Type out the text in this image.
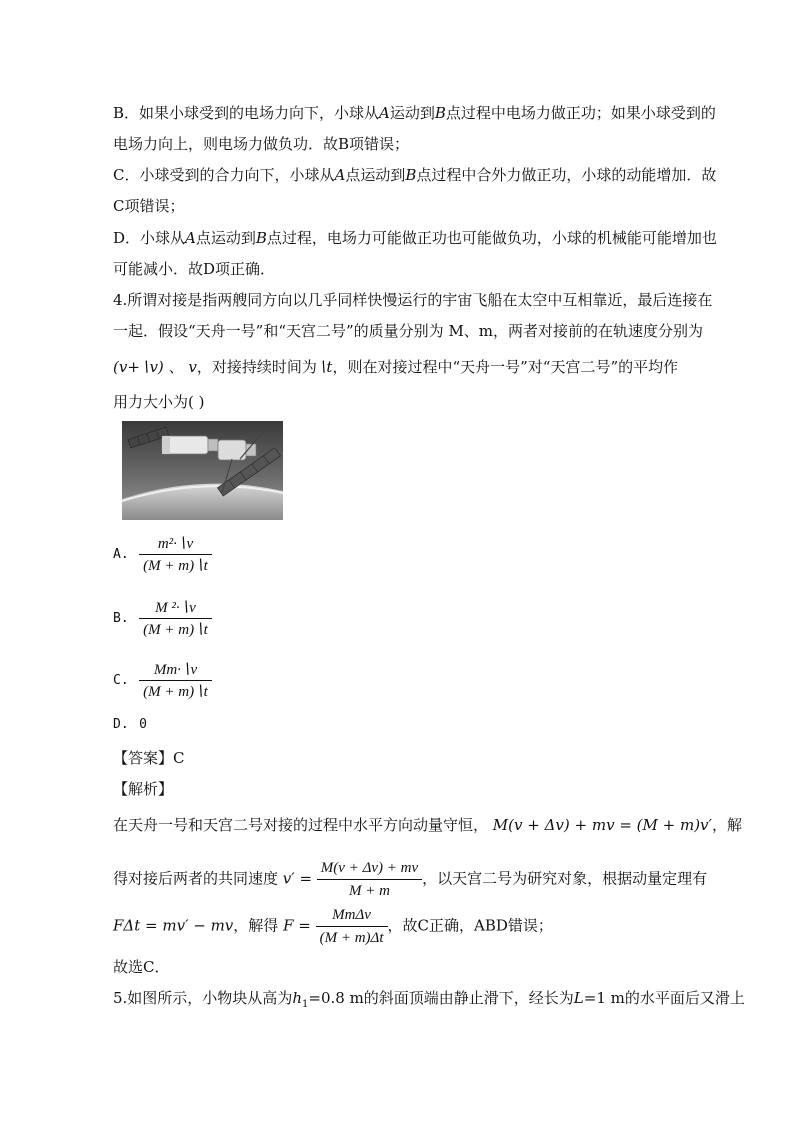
B．如果小球受到的电场力向下，小球从A运动到B点过程中电场力做正功；如果小球受到的
电场力向上，则电场力做负功．故B项错误；
C．小球受到的合力向下，小球从A点运动到B点过程中合外力做正功，小球的动能增加．故
C项错误；
D．小球从A点运动到B点过程，电场力可能做正功也可能做负功，小球的机械能可能增加也
可能减小．故D项正确．
4.所谓对接是指两艘同方向以几乎同样快慢运行的宇宙飞船在太空中互相靠近，最后连接在
一起．假设“天舟一号”和“天宫二号”的质量分别为 M、m，两者对接前的在轨速度分别为
(v+∖v) 、 v，对接持续时间为∖t，则在对接过程中“天舟一号”对“天宫二号”的平均作
用力大小为( )
A. $\frac{\text{m²·∖v}}{(M + m)∖t}$
B. $\frac{\text{M ²·∖v}}{(M + m)∖t}$
C. $\frac{Mm\cdot∖v}{(M + m)∖t}$
D. 0
【答案】C
【解析】
在天舟一号和天宫二号对接的过程中水平方向动量守恒， M(v + Δv) + mv = (M + m)v′，解
得对接后两者的共同速度 $v' = \frac{M(v + \Delta v) + mv}{M + m}$ ，以天宫二号为研究对象，根据动量定理有
FΔt = mv′ − mv，解得 $F = \frac{\text{MmΔv}}{(M + m)\Delta t}$ ，故C正确，ABD错误；
故选C．
5.如图所示，小物块从高为$h_1=0.8$ m的斜面顶端由静止滑下，经长为L=1 m的水平面后又滑上
